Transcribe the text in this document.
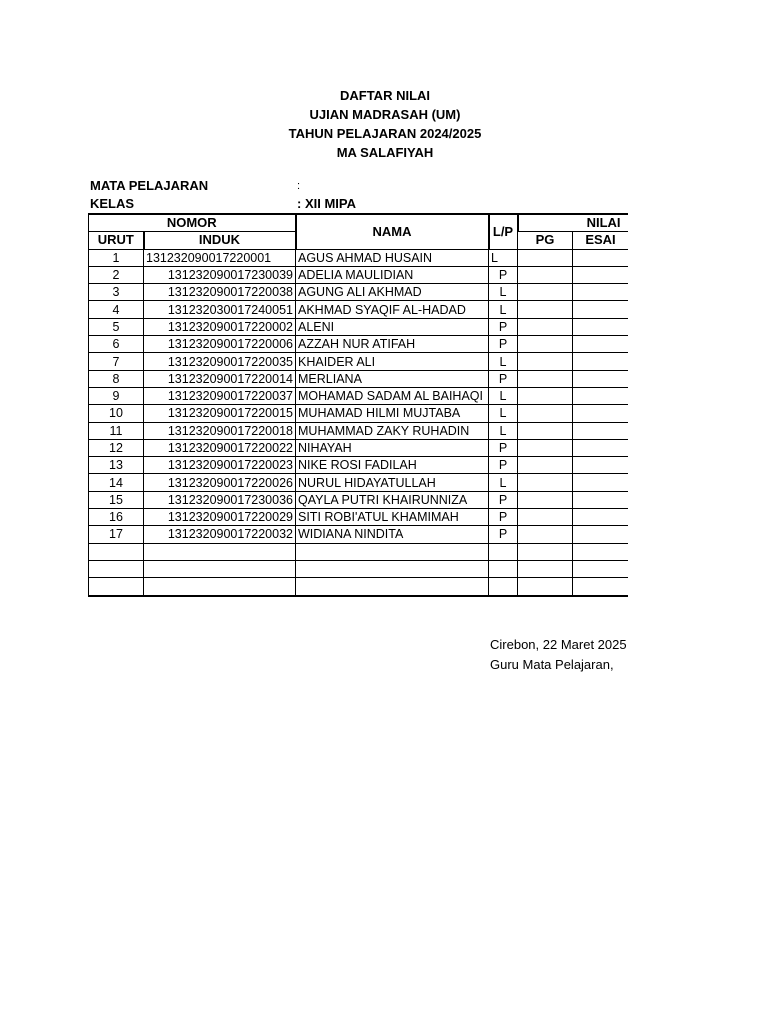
DAFTAR NILAI
UJIAN MADRASAH (UM)
TAHUN PELAJARAN 2024/2025
MA SALAFIYAH
MATA PELAJARAN	:
KELAS	: XII MIPA
NOMOR		NAMA	L/P	NILAI		
URUT	INDUK			PG	ESAI	
1	131232090017220001	AGUS AHMAD HUSAIN	L			
2	131232090017230039	ADELIA MAULIDIAN	P			
3	131232090017220038	AGUNG ALI AKHMAD	L			
4	131232030017240051	AKHMAD SYAQIF AL-HADAD	L			
5	131232090017220002	ALENI	P			
6	131232090017220006	AZZAH NUR ATIFAH	P			
7	131232090017220035	KHAIDER ALI	L			
8	131232090017220014	MERLIANA	P			
9	131232090017220037	MOHAMAD SADAM AL BAIHAQI	L			
10	131232090017220015	MUHAMAD HILMI MUJTABA	L			
11	131232090017220018	MUHAMMAD ZAKY RUHADIN	L			
12	131232090017220022	NIHAYAH	P			
13	131232090017220023	NIKE ROSI FADILAH	P			
14	131232090017220026	NURUL HIDAYATULLAH	L			
15	131232090017230036	QAYLA PUTRI KHAIRUNNIZA	P			
16	131232090017220029	SITI ROBI'ATUL KHAMIMAH	P			
17	131232090017220032	WIDIANA NINDITA	P			

Cirebon, 22 Maret 2025
Guru Mata Pelajaran,
